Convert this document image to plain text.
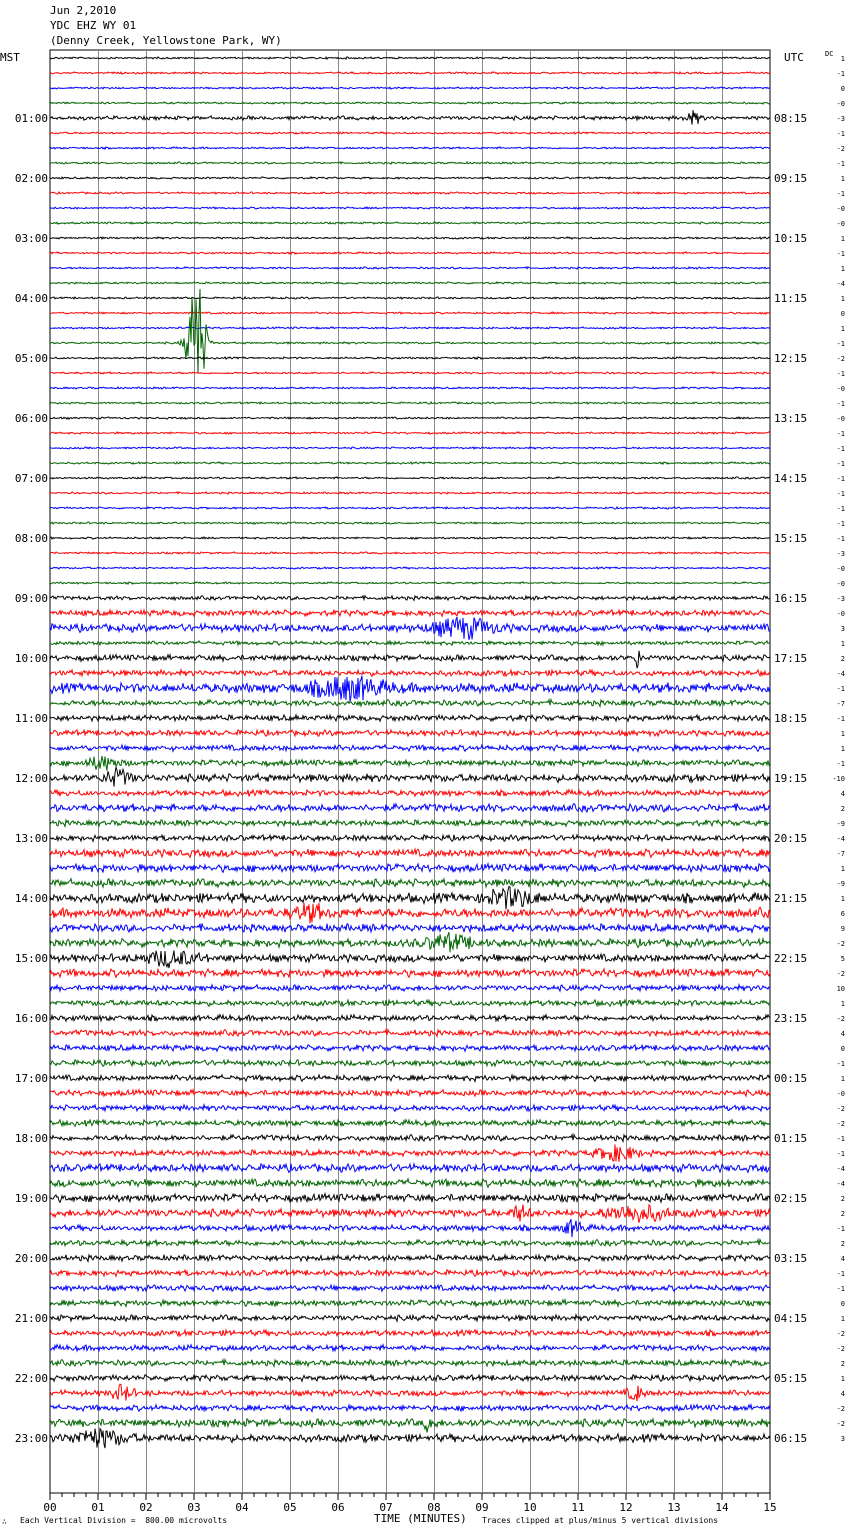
Jun 2,2010
YDC EHZ WY 01
(Denny Creek, Yellowstone Park, WY)
00	01	02	03	04	05	06	07	08	09	10	11	12	13	14	15
MST	UTC	DC
01:00
02:00
03:00
04:00
05:00
06:00
07:00
08:00
09:00
10:00
11:00
12:00
13:00
14:00
15:00
16:00
17:00
18:00
19:00
20:00
21:00
22:00
23:00
08:15
09:15
10:15
11:15
12:15
13:15
14:15
15:15
16:15
17:15
18:15
19:15
20:15
21:15
22:15
23:15
00:15
01:15
02:15
03:15
04:15
05:15
06:15
1
-1
0
-0
-3
-1
-2
-1
1
-1
-0
-0
1
-1
1
-4
1
0
1
-1
-2
-1
-0
-1
-0
-1
-1
-1
-1
-1
-1
-1
-1
-3
-0
-0
-3
-0
3
1
2
-4
-1
-7
-1
1
1
-1
-10
4
2
-9
-4
-7
1
-9
1
6
9
-2
5
-2
10
1
-2
4
0
-1
1
-0
-2
-2
-1
-1
-4
-4
2
2
-1
2
4
-1
-1
0
1
-2
-2
2
1
4
-2
-2
3
∴ Each Vertical Division =  800.00 microvolts	TIME (MINUTES) Traces clipped at plus/minus 5 vertical divisions
